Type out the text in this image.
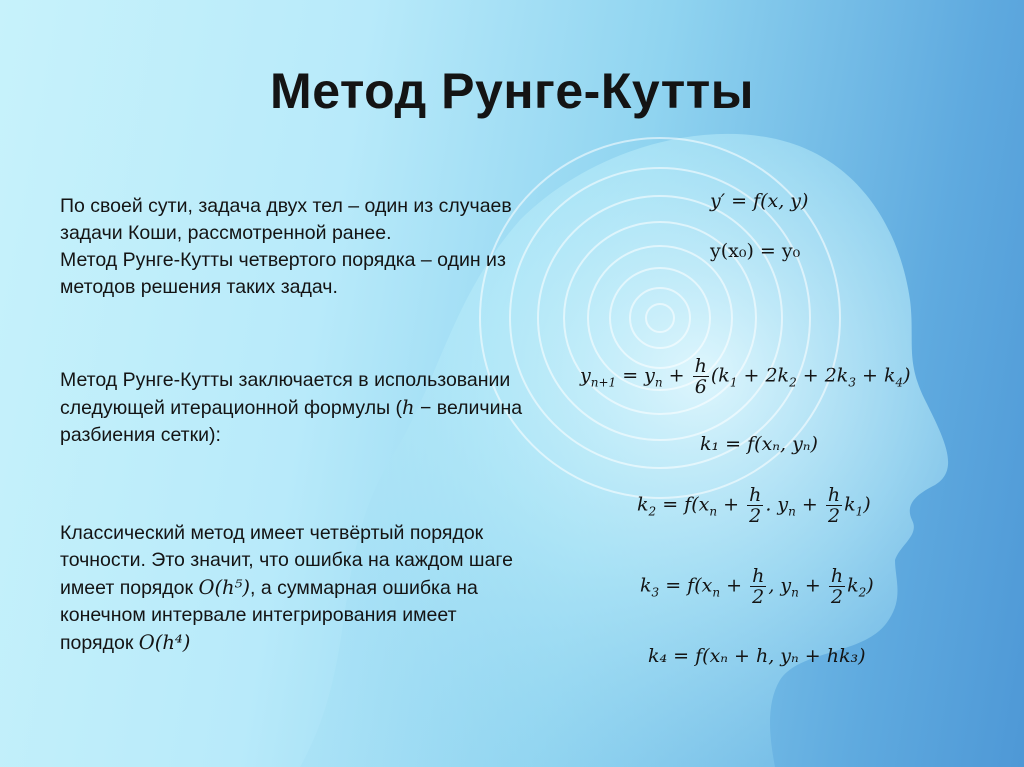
Метод Рунге-Кутты

По своей сути, задача двух тел – один из случаев

задачи Коши, рассмотренной ранее.

Метод Рунге-Кутты четвертого порядка – один из

методов решения таких задач.

Метод Рунге-Кутты заключается в использовании

следующей итерационной формулы (h − величина

разбиения сетки):

Классический метод имеет четвёртый порядок

точности. Это значит, что ошибка на каждом шаге

имеет порядок O(h⁵), а суммарная ошибка на

конечном интервале интегрирования имеет

порядок O(h⁴)

y′ = f(x, y)
y(x₀) = y₀
$y_{n+1} = y_n + \frac{h}{6} (k_1 + 2k_2 + 2k_3 + k_4)$
k₁ = f(xₙ, yₙ)
$k_2 = f(x_n + \frac{h}{2}$ . $y_n + \frac{h}{2} k_1$)
$k_3 = f(x_n + \frac{h}{2}$ , $y_n + \frac{h}{2} k_2$)
k₄ = f(xₙ + h, yₙ + hk₃)
